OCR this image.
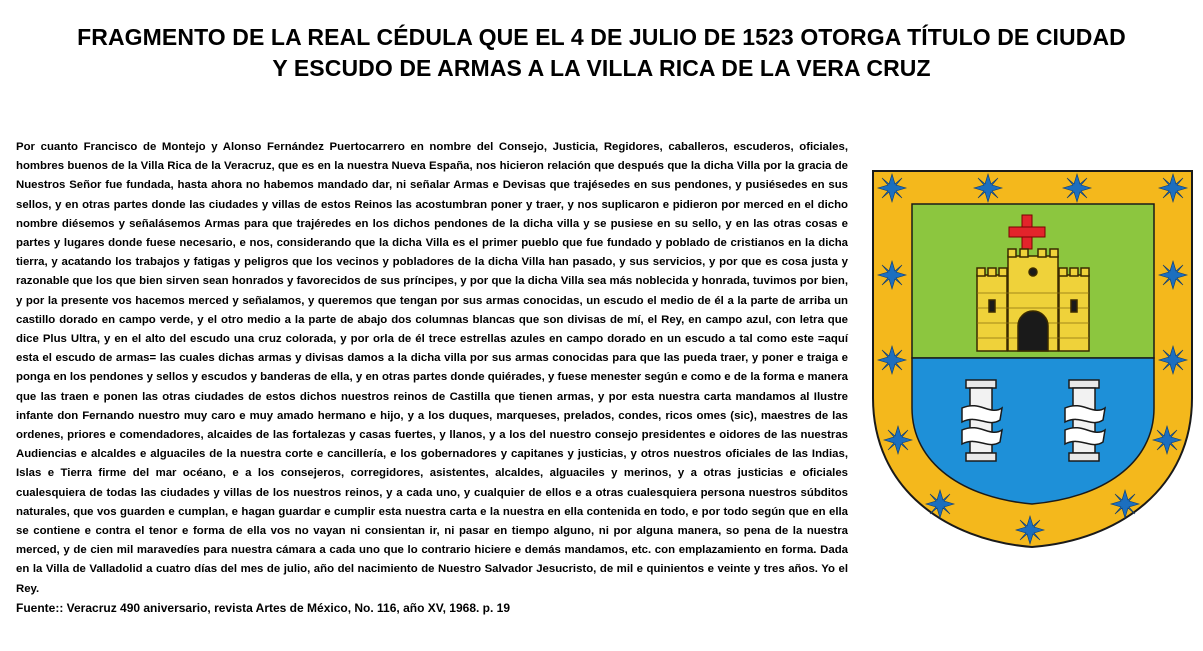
FRAGMENTO DE LA REAL CÉDULA QUE EL 4 DE JULIO DE 1523 OTORGA TÍTULO DE CIUDAD
Y ESCUDO DE ARMAS A LA VILLA RICA DE LA VERA CRUZ
Por cuanto Francisco de Montejo y Alonso Fernández Puertocarrero en nombre del Consejo, Justicia, Regidores, caballeros, escuderos, oficiales, hombres buenos de la Villa Rica de la Veracruz, que es en la nuestra Nueva España, nos hicieron relación que después que la dicha Villa por la gracia de Nuestros Señor fue fundada, hasta ahora no habemos mandado dar, ni señalar Armas e Devisas que trajésedes en sus pendones, y pusiésedes en sus sellos, y en otras partes donde las ciudades y villas de estos Reinos las acostumbran poner y traer, y nos suplicaron e pidieron por merced en el dicho nombre diésemos y señalásemos Armas para que trajéredes en los dichos pendones de la dicha villa y se pusiese en su sello, y en las otras cosas e partes y lugares donde fuese necesario, e nos, considerando que la dicha Villa es el primer pueblo que fue fundado y poblado de cristianos en la dicha tierra, y acatando los trabajos y fatigas y peligros que los vecinos y pobladores de la dicha Villa han pasado, y sus servicios, y por que es cosa justa y razonable que los que bien sirven sean honrados y favorecidos de sus príncipes, y por que la dicha Villa sea más noblecida y honrada, tuvimos por bien, y por la presente vos hacemos merced y señalamos, y queremos que tengan por sus armas conocidas, un escudo el medio de él a la parte de arriba un castillo dorado en campo verde, y el otro medio a la parte de abajo dos columnas blancas que son divisas de mí, el Rey, en campo azul, con letra que dice Plus Ultra, y en el alto del escudo una cruz colorada, y por orla de él trece estrellas azules en campo dorado en un escudo a tal como este =aquí esta el escudo de armas= las cuales dichas armas y divisas damos a la dicha villa por sus armas conocidas para que las pueda traer, y poner e traiga e ponga en los pendones y sellos y escudos y banderas de ella, y en otras partes donde quiérades, y fuese menester según e como e de la forma e manera que las traen e ponen las otras ciudades de estos dichos nuestros reinos de Castilla que tienen armas, y por esta nuestra carta mandamos al Ilustre infante don Fernando nuestro muy caro e muy amado hermano e hijo, y a los duques, marqueses, prelados, condes, ricos omes (sic), maestres de las ordenes, priores e comendadores, alcaides de las fortalezas y casas fuertes, y llanos, y a los del nuestro consejo presidentes e oidores de las nuestras Audiencias e alcaldes e alguaciles de la nuestra corte e cancillería, e los gobernadores y capitanes y justicias, y otros nuestros oficiales de las Indias, Islas e Tierra firme del mar océano, e a los consejeros, corregidores, asistentes, alcaldes, alguaciles y merinos, y a otras justicias e oficiales cualesquiera de todas las ciudades y villas de los nuestros reinos, y a cada uno, y cualquier de ellos e a otras cualesquiera persona nuestros súbditos naturales, que vos guarden e cumplan, e hagan guardar e cumplir esta nuestra carta e la nuestra en ella contenida en todo, e por todo según que en ella se contiene e contra el tenor e forma de ella vos no vayan ni consientan ir, ni pasar en tiempo alguno, ni por alguna manera, so pena de la nuestra merced, y de cien mil maravedíes para nuestra cámara a cada uno que lo contrario hiciere e demás mandamos, etc. con emplazamiento en forma. Dada en la Villa de Valladolid a cuatro días del mes de julio, año del nacimiento de Nuestro Salvador Jesucristo, de mil e quinientos e veinte y tres años. Yo el Rey.
Fuente:: Veracruz 490 aniversario, revista Artes de México, No. 116, año XV, 1968. p. 19
